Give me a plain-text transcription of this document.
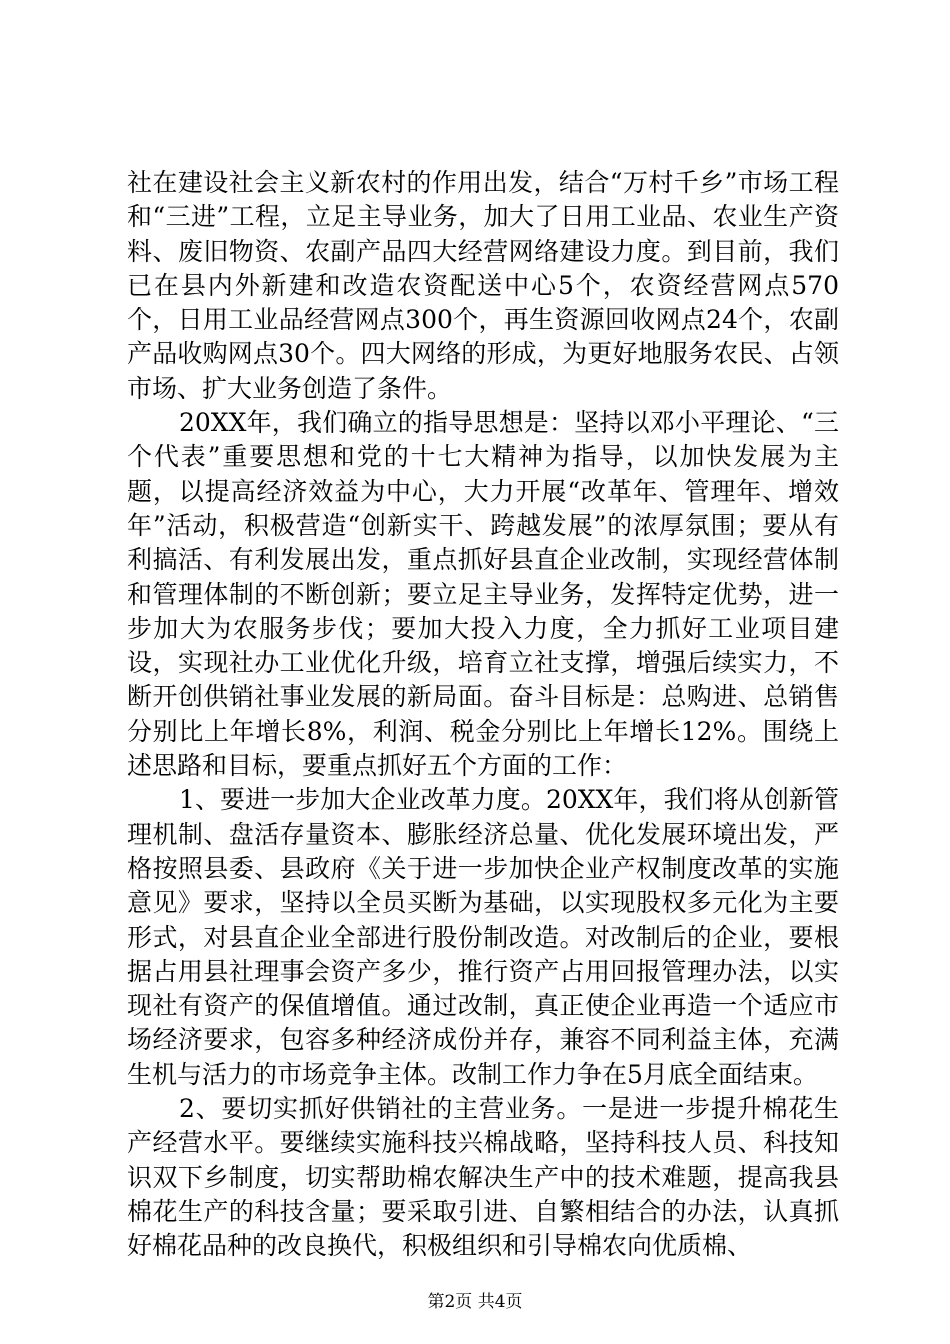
社在建设社会主义新农村的作用出发，结合“万村千乡”市场工程和“三进”工程，立足主导业务，加大了日用工业品、农业生产资料、废旧物资、农副产品四大经营网络建设力度。到目前，我们已在县内外新建和改造农资配送中心5个，农资经营网点570个，日用工业品经营网点300个，再生资源回收网点24个，农副产品收购网点30个。四大网络的形成，为更好地服务农民、占领市场、扩大业务创造了条件。

20XX年，我们确立的指导思想是：坚持以邓小平理论、“三个代表”重要思想和党的十七大精神为指导，以加快发展为主题，以提高经济效益为中心，大力开展“改革年、管理年、增效年”活动，积极营造“创新实干、跨越发展”的浓厚氛围；要从有利搞活、有利发展出发，重点抓好县直企业改制，实现经营体制和管理体制的不断创新；要立足主导业务，发挥特定优势，进一步加大为农服务步伐；要加大投入力度，全力抓好工业项目建设，实现社办工业优化升级，培育立社支撑，增强后续实力，不断开创供销社事业发展的新局面。奋斗目标是：总购进、总销售分别比上年增长8%，利润、税金分别比上年增长12%。围绕上述思路和目标，要重点抓好五个方面的工作：

1、要进一步加大企业改革力度。20XX年，我们将从创新管理机制、盘活存量资本、膨胀经济总量、优化发展环境出发，严格按照县委、县政府《关于进一步加快企业产权制度改革的实施意见》要求，坚持以全员买断为基础，以实现股权多元化为主要形式，对县直企业全部进行股份制改造。对改制后的企业，要根据占用县社理事会资产多少，推行资产占用回报管理办法，以实现社有资产的保值增值。通过改制，真正使企业再造一个适应市场经济要求，包容多种经济成份并存，兼容不同利益主体，充满生机与活力的市场竞争主体。改制工作力争在5月底全面结束。

2、要切实抓好供销社的主营业务。一是进一步提升棉花生产经营水平。要继续实施科技兴棉战略，坚持科技人员、科技知识双下乡制度，切实帮助棉农解决生产中的技术难题，提高我县棉花生产的科技含量；要采取引进、自繁相结合的办法，认真抓好棉花品种的改良换代，积极组织和引导棉农向优质棉、

第2页 共4页
